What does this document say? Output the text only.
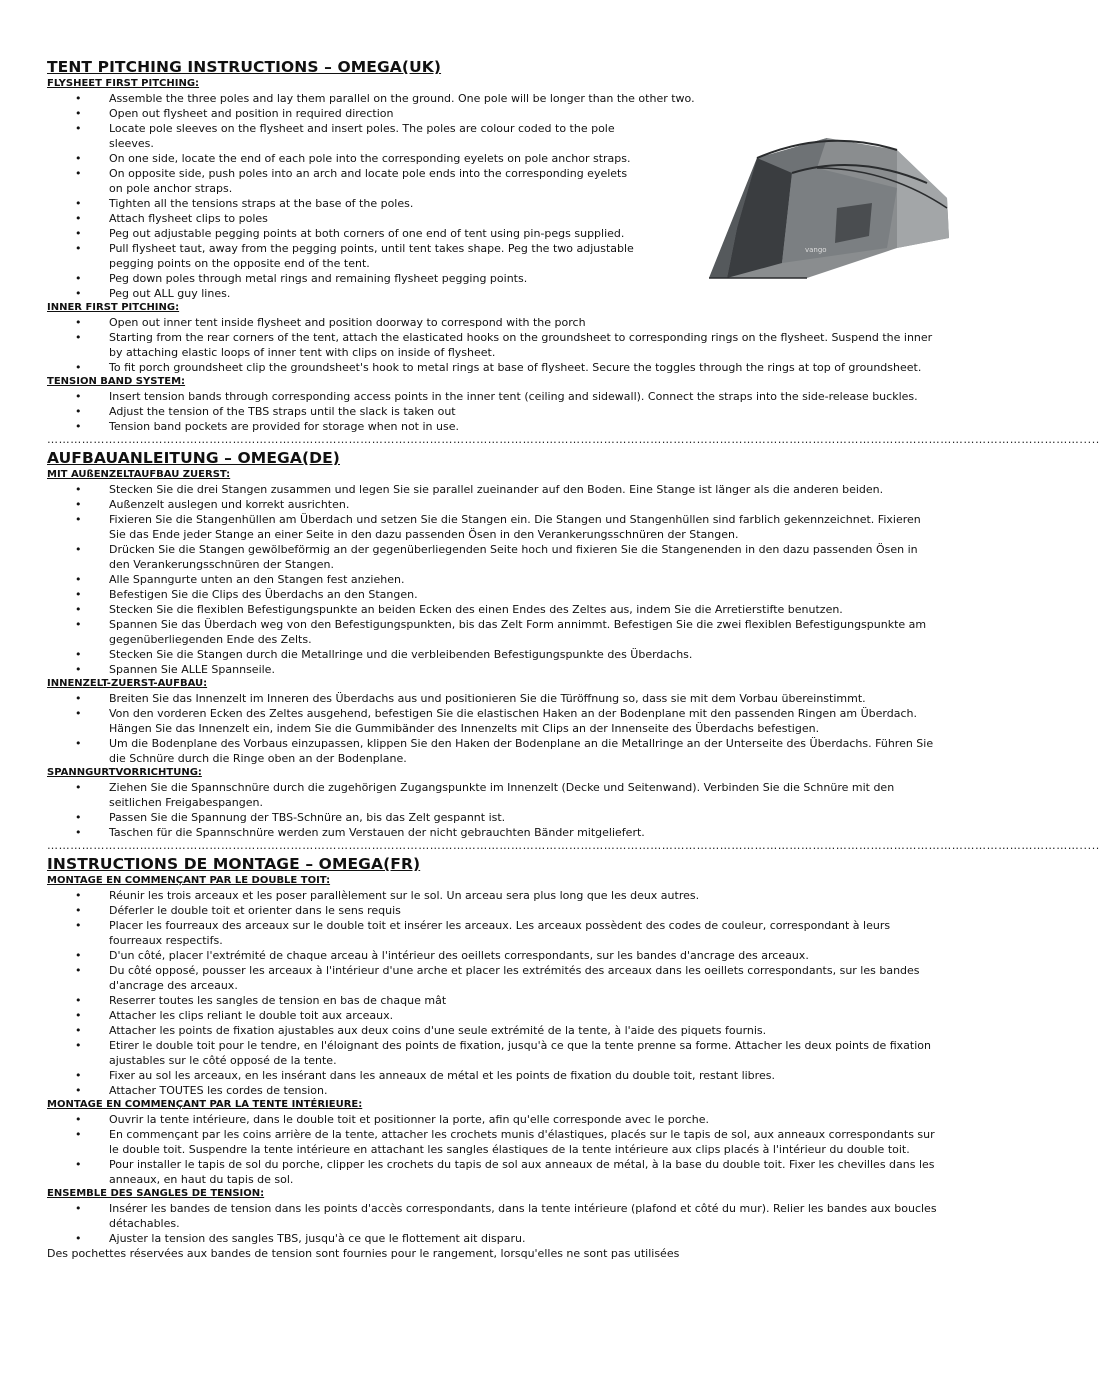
TENT PITCHING INSTRUCTIONS – OMEGA(UK)

FLYSHEET FIRST PITCHING:

• Assemble the three poles and lay them parallel on the ground. One pole will be longer than the other two.
• Open out flysheet and position in required direction
• Locate pole sleeves on the flysheet and insert poles. The poles are colour coded to the pole sleeves.
• On one side, locate the end of each pole into the corresponding eyelets on pole anchor straps.
• On opposite side, push poles into an arch and locate pole ends into the corresponding eyelets on pole anchor straps.
• Tighten all the tensions straps at the base of the poles.
• Attach flysheet clips to poles
• Peg out adjustable pegging points at both corners of one end of tent using pin-pegs supplied.
• Pull flysheet taut, away from the pegging points, until tent takes shape. Peg the two adjustable pegging points on the opposite end of the tent.
• Peg down poles through metal rings and remaining flysheet pegging points.
• Peg out ALL guy lines.

INNER FIRST PITCHING:

• Open out inner tent inside flysheet and position doorway to correspond with the porch
• Starting from the rear corners of the tent, attach the elasticated hooks on the groundsheet to corresponding rings on the flysheet. Suspend the inner by attaching elastic loops of inner tent with clips on inside of flysheet.
• To fit porch groundsheet clip the groundsheet's hook to metal rings at base of flysheet. Secure the toggles through the rings at top of groundsheet.

TENSION BAND SYSTEM:

• Insert tension bands through corresponding access points in the inner tent (ceiling and sidewall). Connect the straps into the side-release buckles.
• Adjust the tension of the TBS straps until the slack is taken out
• Tension band pockets are provided for storage when not in use.
vango
…………………………………………………………………………………………………………………………………………………………………………………………………………………………………………….....

AUFBAUANLEITUNG – OMEGA(DE)

MIT AUßENZELTAUFBAU ZUERST:

• Stecken Sie die drei Stangen zusammen und legen Sie sie parallel zueinander auf den Boden. Eine Stange ist länger als die anderen beiden.
• Außenzelt auslegen und korrekt ausrichten.
• Fixieren Sie die Stangenhüllen am Überdach und setzen Sie die Stangen ein. Die Stangen und Stangenhüllen sind farblich gekennzeichnet. Fixieren Sie das Ende jeder Stange an einer Seite in den dazu passenden Ösen in den Verankerungsschnüren der Stangen.
• Drücken Sie die Stangen gewölbeförmig an der gegenüberliegenden Seite hoch und fixieren Sie die Stangenenden in den dazu passenden Ösen in den Verankerungsschnüren der Stangen.
• Alle Spanngurte unten an den Stangen fest anziehen.
• Befestigen Sie die Clips des Überdachs an den Stangen.
• Stecken Sie die flexiblen Befestigungspunkte an beiden Ecken des einen Endes des Zeltes aus, indem Sie die Arretierstifte benutzen.
• Spannen Sie das Überdach weg von den Befestigungspunkten, bis das Zelt Form annimmt. Befestigen Sie die zwei flexiblen Befestigungspunkte am gegenüberliegenden Ende des Zelts.
• Stecken Sie die Stangen durch die Metallringe und die verbleibenden Befestigungspunkte des Überdachs.
• Spannen Sie ALLE Spannseile.

INNENZELT-ZUERST-AUFBAU:

• Breiten Sie das Innenzelt im Inneren des Überdachs aus und positionieren Sie die Türöffnung so, dass sie mit dem Vorbau übereinstimmt.
• Von den vorderen Ecken des Zeltes ausgehend, befestigen Sie die elastischen Haken an der Bodenplane mit den passenden Ringen am Überdach. Hängen Sie das Innenzelt ein, indem Sie die Gummibänder des Innenzelts mit Clips an der Innenseite des Überdachs befestigen.
• Um die Bodenplane des Vorbaus einzupassen, klippen Sie den Haken der Bodenplane an die Metallringe an der Unterseite des Überdachs. Führen Sie die Schnüre durch die Ringe oben an der Bodenplane.

SPANNGURTVORRICHTUNG:

• Ziehen Sie die Spannschnüre durch die zugehörigen Zugangspunkte im Innenzelt (Decke und Seitenwand). Verbinden Sie die Schnüre mit den seitlichen Freigabespangen.
• Passen Sie die Spannung der TBS-Schnüre an, bis das Zelt gespannt ist.
• Taschen für die Spannschnüre werden zum Verstauen der nicht gebrauchten Bänder mitgeliefert.
…………………………………………………………………………………………………………………………………………………………………………………………………………………………………………….....

INSTRUCTIONS DE MONTAGE – OMEGA(FR)

MONTAGE EN COMMENÇANT PAR LE DOUBLE TOIT:

• Réunir les trois arceaux et les poser parallèlement sur le sol. Un arceau sera plus long que les deux autres.
• Déferler le double toit et orienter dans le sens requis
• Placer les fourreaux des arceaux sur le double toit et insérer les arceaux. Les arceaux possèdent des codes de couleur, correspondant à leurs fourreaux respectifs.
• D'un côté, placer l'extrémité de chaque arceau à l'intérieur des oeillets correspondants, sur les bandes d'ancrage des arceaux.
• Du côté opposé, pousser les arceaux à l'intérieur d'une arche et placer les extrémités des arceaux dans les oeillets correspondants, sur les bandes d'ancrage des arceaux.
• Reserrer toutes les sangles de tension en bas de chaque mât
• Attacher les clips reliant le double toit aux arceaux.
• Attacher les points de fixation ajustables aux deux coins d'une seule extrémité de la tente, à l'aide des piquets fournis.
• Etirer le double toit pour le tendre, en l'éloignant des points de fixation, jusqu'à ce que la tente prenne sa forme. Attacher les deux points de fixation ajustables sur le côté opposé de la tente.
• Fixer au sol les arceaux, en les insérant dans les anneaux de métal et les points de fixation du double toit, restant libres.
• Attacher TOUTES les cordes de tension.

MONTAGE EN COMMENÇANT PAR LA TENTE INTÉRIEURE:

• Ouvrir la tente intérieure, dans le double toit et positionner la porte, afin qu'elle corresponde avec le porche.
• En commençant par les coins arrière de la tente, attacher les crochets munis d'élastiques, placés sur le tapis de sol, aux anneaux correspondants sur le double toit. Suspendre la tente intérieure en attachant les sangles élastiques de la tente intérieure aux clips placés à l'intérieur du double toit.
• Pour installer le tapis de sol du porche, clipper les crochets du tapis de sol aux anneaux de métal, à la base du double toit. Fixer les chevilles dans les anneaux, en haut du tapis de sol.

ENSEMBLE DES SANGLES DE TENSION:

• Insérer les bandes de tension dans les points d'accès correspondants, dans la tente intérieure (plafond et côté du mur). Relier les bandes aux boucles détachables.
• Ajuster la tension des sangles TBS, jusqu'à ce que le flottement ait disparu.

Des pochettes réservées aux bandes de tension sont fournies pour le rangement, lorsqu'elles ne sont pas utilisées
